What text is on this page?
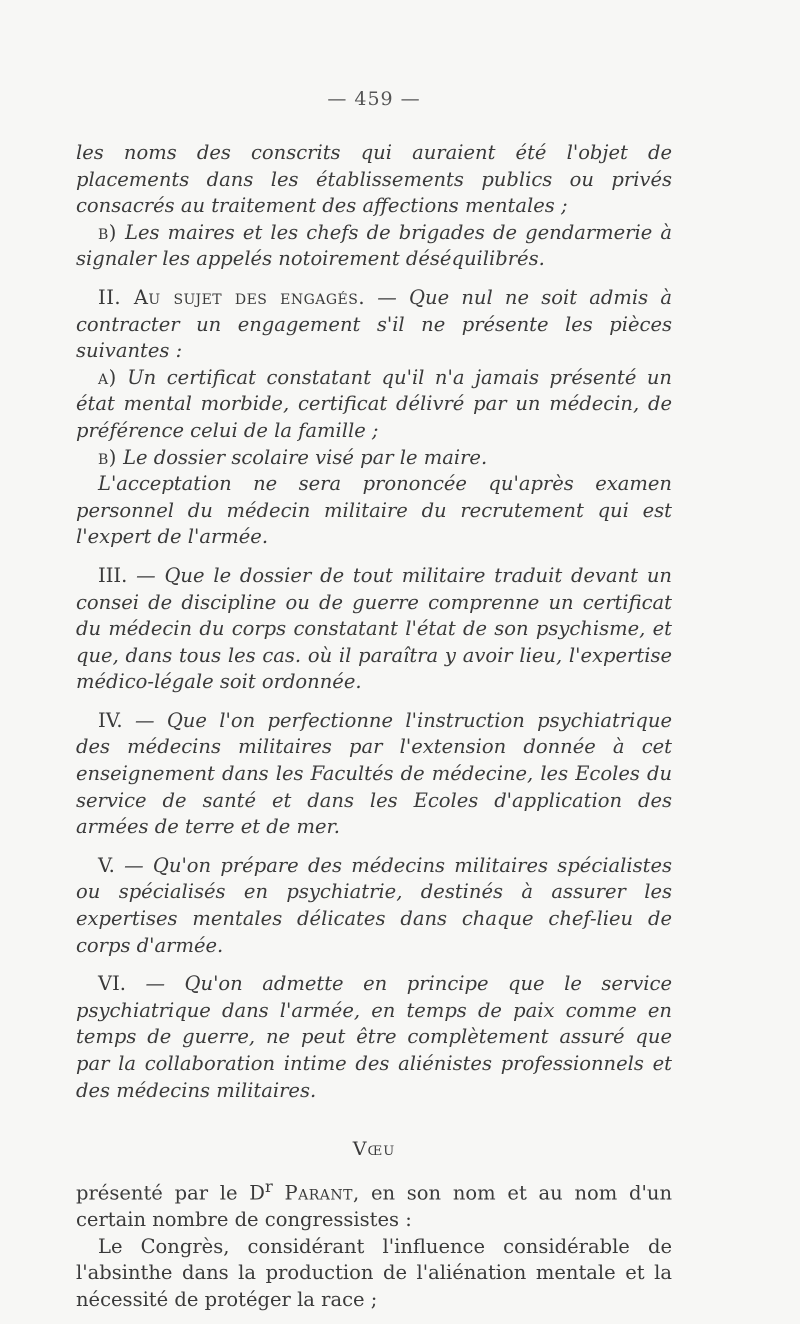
— 459 —

les noms des conscrits qui auraient été l'objet de placements dans les établissements publics ou privés consacrés au traitement des affections mentales ;

b) Les maires et les chefs de brigades de gendarmerie à signaler les appelés notoirement déséquilibrés.

II. Au sujet des engagés. — Que nul ne soit admis à contracter un engagement s'il ne présente les pièces suivantes :

a) Un certificat constatant qu'il n'a jamais présenté un état mental morbide, certificat délivré par un médecin, de préférence celui de la famille ;

b) Le dossier scolaire visé par le maire.

L'acceptation ne sera prononcée qu'après examen personnel du médecin militaire du recrutement qui est l'expert de l'armée.

III. — Que le dossier de tout militaire traduit devant un consei de discipline ou de guerre comprenne un certificat du médecin du corps constatant l'état de son psychisme, et que, dans tous les cas. où il paraîtra y avoir lieu, l'expertise médico-légale soit ordonnée.

IV. — Que l'on perfectionne l'instruction psychiatrique des médecins militaires par l'extension donnée à cet enseignement dans les Facultés de médecine, les Ecoles du service de santé et dans les Ecoles d'application des armées de terre et de mer.

V. — Qu'on prépare des médecins militaires spécialistes ou spécialisés en psychiatrie, destinés à assurer les expertises mentales délicates dans chaque chef-lieu de corps d'armée.

VI. — Qu'on admette en principe que le service psychiatrique dans l'armée, en temps de paix comme en temps de guerre, ne peut être complètement assuré que par la collaboration intime des aliénistes professionnels et des médecins militaires.

Vœu

présenté par le $D^r$ Parant, en son nom et au nom d'un certain nombre de congressistes :

Le Congrès, considérant l'influence considérable de l'absinthe dans la production de l'aliénation mentale et la nécessité de protéger la race ;
